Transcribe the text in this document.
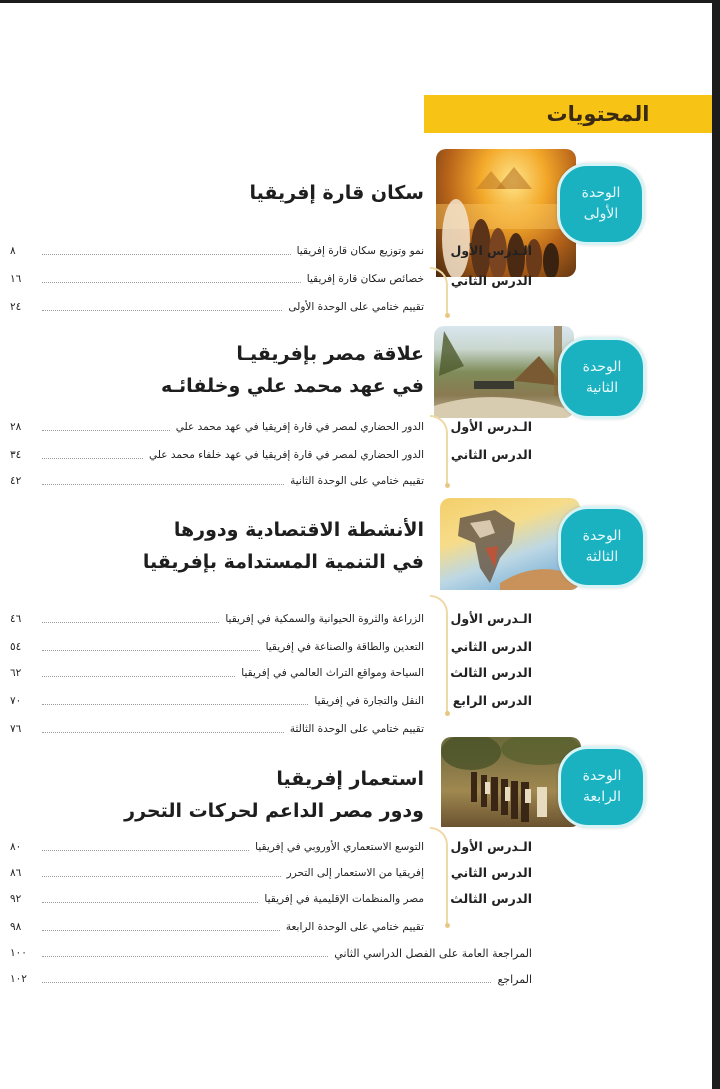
المحتويات
الوحدة
الأولى
سكان قارة إفريقيا
الـدرس الأول
الدرس الثاني
نمو وتوزيع سكان قارة إفريقيا
٨
خصائص سكان قارة إفريقيا
١٦
تقييم ختامي على الوحدة الأولى
٢٤
الوحدة
الثانية
علاقة مصر بإفريقيـا
في عهد محمد علي وخلفائـه
الـدرس الأول
الدرس الثاني
الدور الحضاري لمصر في قارة إفريقيا في عهد محمد علي
٢٨
الدور الحضاري لمصر في قارة إفريقيا في عهد خلفاء محمد علي
٣٤
تقييم ختامي على الوحدة الثانية
٤٢
الوحدة
الثالثة
الأنشطة الاقتصادية ودورها
في التنمية المستدامة بإفريقيا
الـدرس الأول
الدرس الثاني
الدرس الثالث
الدرس الرابع
الزراعة والثروة الحيوانية والسمكية في إفريقيا
٤٦
التعدين والطاقة والصناعة في إفريقيا
٥٤
السياحة ومواقع التراث العالمي في إفريقيا
٦٢
النقل والتجارة في إفريقيا
٧٠
تقييم ختامي على الوحدة الثالثة
٧٦
الوحدة
الرابعة
استعمار إفريقيا
ودور مصر الداعم لحركات التحرر
الـدرس الأول
الدرس الثاني
الدرس الثالث
التوسع الاستعماري الأوروبي في إفريقيا
٨٠
إفريقيا من الاستعمار إلى التحرر
٨٦
مصر والمنظمات الإقليمية في إفريقيا
٩٢
تقييم ختامي على الوحدة الرابعة
٩٨
المراجعة العامة على الفصل الدراسي الثاني
١٠٠
المراجع
١٠٢
